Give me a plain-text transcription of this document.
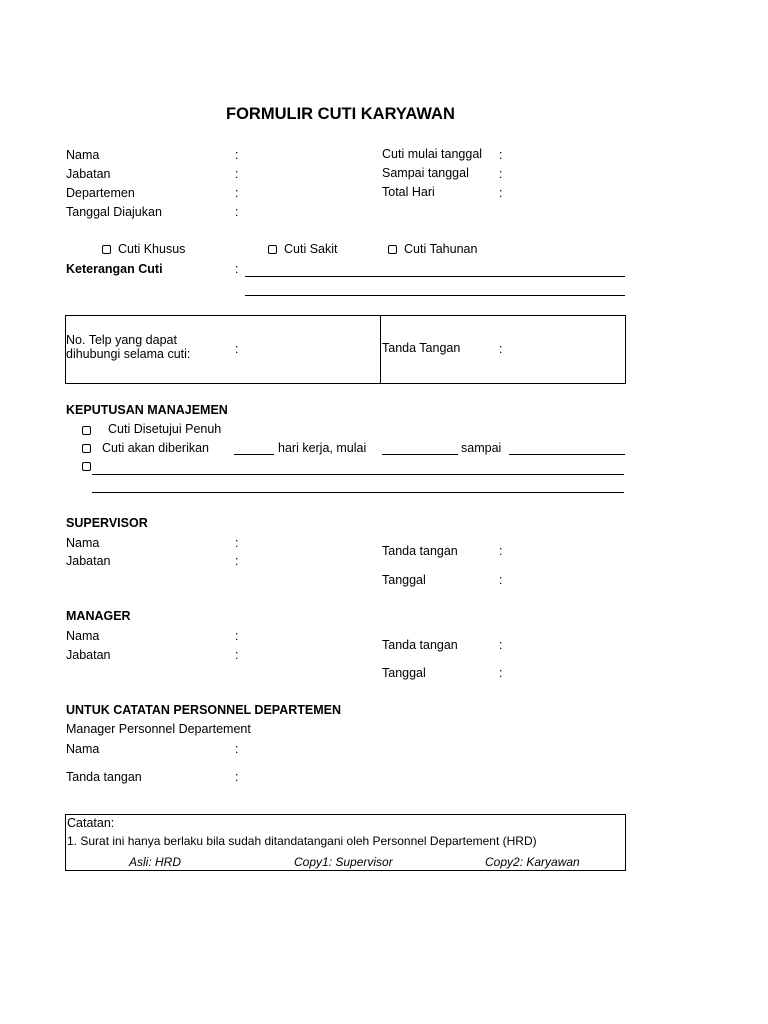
FORMULIR CUTI KARYAWAN
Nama	:
Jabatan	:
Departemen	:
Tanggal Diajukan	:
Cuti mulai tanggal :
Sampai tanggal :
Total Hari	:
Cuti Khusus	Cuti Sakit	Cuti Tahunan
Keterangan Cuti	:
No. Telp yang dapat
dihubungi selama cuti:	:	Tanda Tangan	:
KEPUTUSAN MANAJEMEN
Cuti Disetujui Penuh
Cuti akan diberikan	hari kerja, mulai	sampai
SUPERVISOR
Nama	:
Jabatan	:
Tanda tangan	:
Tanggal	:
MANAGER
Nama	:
Jabatan	:
Tanda tangan	:
Tanggal	:
UNTUK CATATAN PERSONNEL DEPARTEMEN
Manager Personnel Departement
Nama	:
Tanda tangan	:
Catatan:
1. Surat ini hanya berlaku bila sudah ditandatangani oleh Personnel Departement (HRD)
Asli: HRD	Copy1: Supervisor	Copy2: Karyawan
